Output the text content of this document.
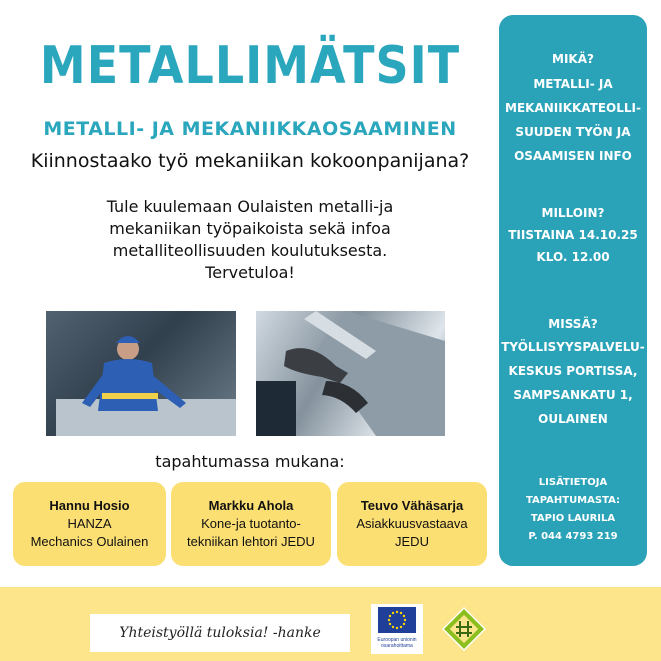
METALLIMÄTSIT
METALLI- JA MEKANIIKKAOSAAMINEN
Kiinnostaako työ mekaniikan kokoonpanijana?
Tule kuulemaan Oulaisten metalli-ja
mekaniikan työpaikoista sekä infoa
metalliteollisuuden koulutuksesta.
Tervetuloa!
tapahtumassa mukana:
Hannu Hosio
HANZA
Mechanics Oulainen
Markku Ahola
Kone-ja tuotanto-
tekniikan lehtori JEDU
Teuvo Vähäsarja
Asiakkuusvastaava
JEDU
MIKÄ?
METALLI- JA
MEKANIIKKATEOLLI-
SUUDEN TYÖN JA
OSAAMISEN INFO
MILLOIN?
TIISTAINA 14.10.25
KLO. 12.00
MISSÄ?
TYÖLLISYYSPALVELU-
KESKUS PORTISSA,
SAMPSANKATU 1,
OULAINEN
LISÄTIETOJA
TAPAHTUMASTA:
TAPIO LAURILA
P. 044 4793 219
Yhteistyöllä tuloksia! -hanke	Euroopan unionin
osarahoittama
